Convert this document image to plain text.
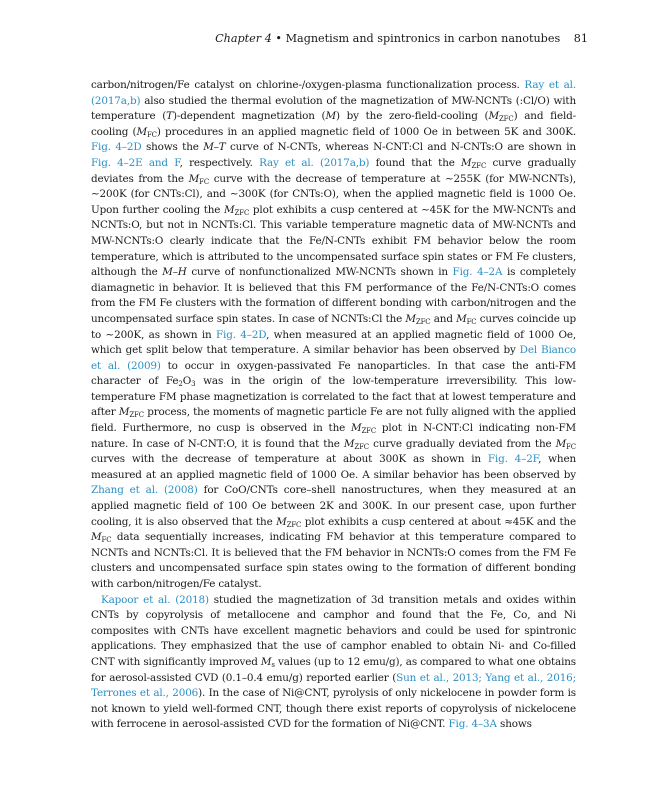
Chapter 4 • Magnetism and spintronics in carbon nanotubes 81

carbon/nitrogen/Fe catalyst on chlorine-/oxygen-plasma functionalization process. Ray et al. (2017a,b) also studied the thermal evolution of the magnetization of MW-NCNTs (:Cl/O) with temperature (T)-dependent magnetization (M) by the zero-field-cooling $(M_{ZFC})$ and field-cooling $(M_{FC})$ procedures in an applied magnetic field of 1000 Oe in between 5K and 300K. Fig. 4–2D shows the M–T curve of N-CNTs, whereas N-CNT:Cl and N-CNTs:O are shown in Fig. 4–2E and F, respectively. Ray et al. (2017a,b) found that the $M_{ZFC}$ curve gradually deviates from the $M_{FC}$ curve with the decrease of temperature at ∼255K (for MW-NCNTs), ∼200K (for CNTs:Cl), and ∼300K (for CNTs:O), when the applied magnetic field is 1000 Oe. Upon further cooling the $M_{ZFC}$ plot exhibits a cusp centered at ∼45K for the MW-NCNTs and NCNTs:O, but not in NCNTs:Cl. This variable temperature magnetic data of MW-NCNTs and MW-NCNTs:O clearly indicate that the Fe/N-CNTs exhibit FM behavior below the room temperature, which is attributed to the uncompensated surface spin states or FM Fe clusters, although the M–H curve of nonfunctionalized MW-NCNTs shown in Fig. 4–2A is completely diamagnetic in behavior. It is believed that this FM performance of the Fe/N-CNTs:O comes from the FM Fe clusters with the formation of different bonding with carbon/nitrogen and the uncompensated surface spin states. In case of NCNTs:Cl the $M_{ZFC}$ and $M_{FC}$ curves coincide up to ∼200K, as shown in Fig. 4–2D, when measured at an applied magnetic field of 1000 Oe, which get split below that temperature. A similar behavior has been observed by Del Bianco et al. (2009) to occur in oxygen-passivated Fe nanoparticles. In that case the anti-FM character of $Fe_2O_3$ was in the origin of the low-temperature irreversibility. This low-temperature FM phase magnetization is correlated to the fact that at lowest temperature and after $M_{ZFC}$ process, the moments of magnetic particle Fe are not fully aligned with the applied field. Furthermore, no cusp is observed in the $M_{ZFC}$ plot in N-CNT:Cl indicating non-FM nature. In case of N-CNT:O, it is found that the $M_{ZFC}$ curve gradually deviated from the $M_{FC}$ curves with the decrease of temperature at about 300K as shown in Fig. 4–2F, when measured at an applied magnetic field of 1000 Oe. A similar behavior has been observed by Zhang et al. (2008) for CoO/CNTs core–shell nanostructures, when they measured at an applied magnetic field of 100 Oe between 2K and 300K. In our present case, upon further cooling, it is also observed that the $M_{ZFC}$ plot exhibits a cusp centered at about ≈45K and the $M_{FC}$ data sequentially increases, indicating FM behavior at this temperature compared to NCNTs and NCNTs:Cl. It is believed that the FM behavior in NCNTs:O comes from the FM Fe clusters and uncompensated surface spin states owing to the formation of different bonding with carbon/nitrogen/Fe catalyst.

Kapoor et al. (2018) studied the magnetization of 3d transition metals and oxides within CNTs by copyrolysis of metallocene and camphor and found that the Fe, Co, and Ni composites with CNTs have excellent magnetic behaviors and could be used for spintronic applications. They emphasized that the use of camphor enabled to obtain Ni- and Co-filled CNT with significantly improved $M_s$ values (up to 12 emu/g), as compared to what one obtains for aerosol-assisted CVD (0.1–0.4 emu/g) reported earlier (Sun et al., 2013; Yang et al., 2016; Terrones et al., 2006). In the case of Ni@CNT, pyrolysis of only nickelocene in powder form is not known to yield well-formed CNT, though there exist reports of copyrolysis of nickelocene with ferrocene in aerosol-assisted CVD for the formation of Ni@CNT. Fig. 4–3A shows
